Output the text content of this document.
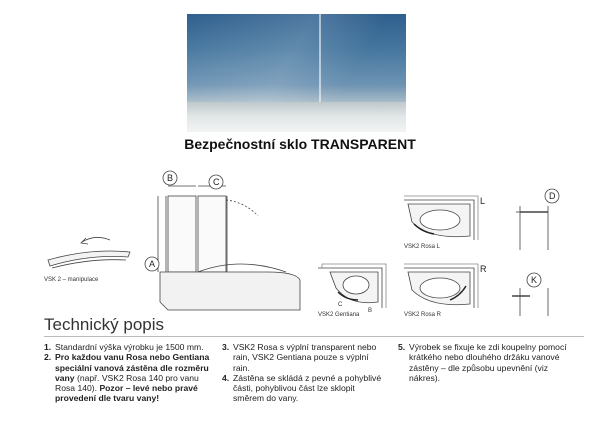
Bezpečnostní sklo TRANSPARENT
VSK 2 – manipulace
B	C
A
VSK2 Gentiana
B
C
VSK2 Rosa L
L
VSK2 Rosa R
R
D
K
Technický popis
1. Standardní výška výrobku je 1500 mm.
2. Pro každou vanu Rosa nebo Gentiana speciální vanová zástěna dle rozměru vany (např. VSK2 Rosa 140 pro vanu Rosa 140). Pozor – levé nebo pravé provedení dle tvaru vany!
3. VSK2 Rosa s výplní transparent nebo rain, VSK2 Gentiana pouze s výplní rain.
4. Zástěna se skládá z pevné a pohyblivé části, pohyblivou část lze sklopit směrem do vany.
5. Výrobek se fixuje ke zdi koupelny pomocí krátkého nebo dlouhého držáku vanové zástěny – dle způsobu upevnění (viz nákres).
